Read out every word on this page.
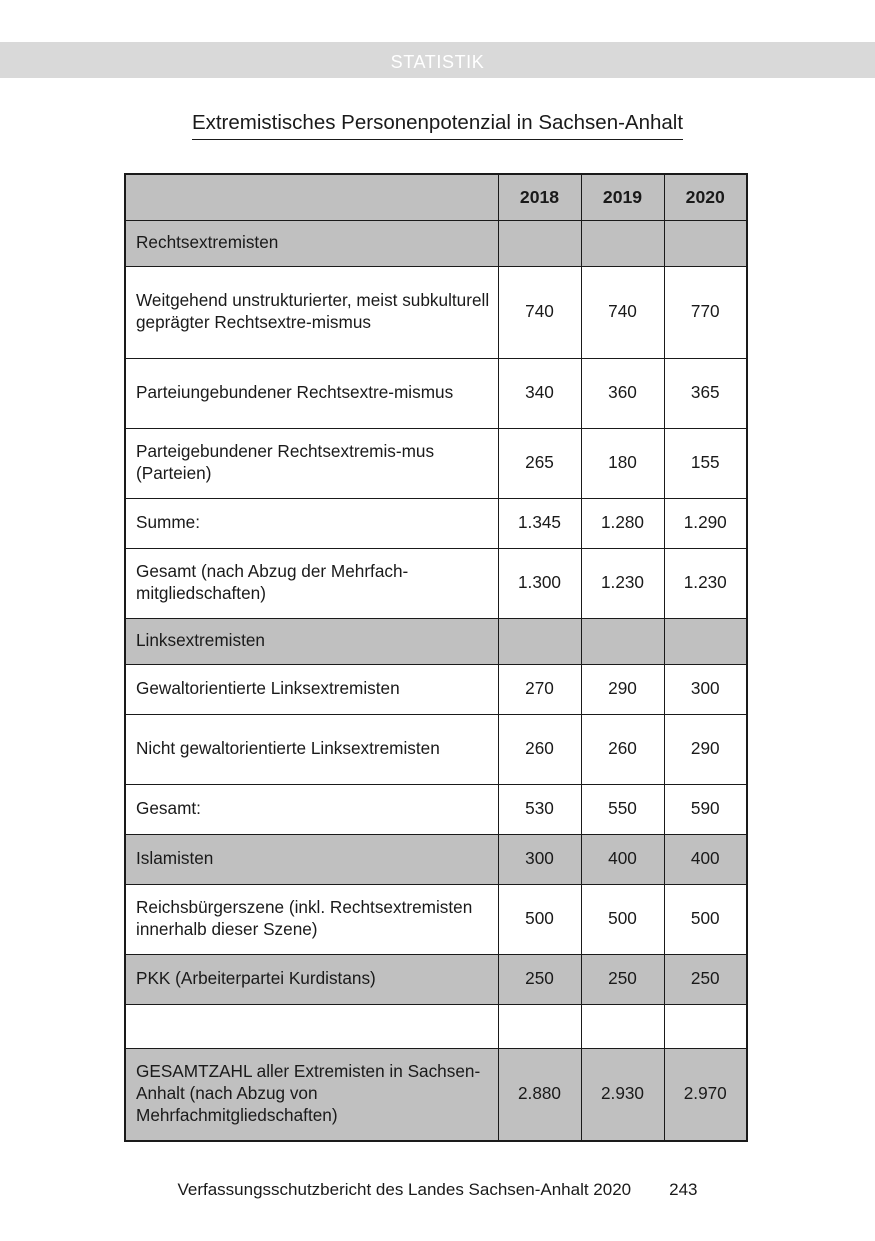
statistik
Extremistisches Personenpotenzial in Sachsen-Anhalt
	2018	2019	2020
Rechtsextremisten			
Weitgehend unstrukturierter, meist subkulturell geprägter Rechtsextre-mismus	740	740	770
Parteiungebundener Rechtsextre-mismus	340	360	365
Parteigebundener Rechtsextremis-mus (Parteien)	265	180	155
Summe:	1.345	1.280	1.290
Gesamt (nach Abzug der Mehrfach-mitgliedschaften)	1.300	1.230	1.230
Linksextremisten			
Gewaltorientierte Linksextremisten	270	290	300
Nicht gewaltorientierte Linksextremisten	260	260	290
Gesamt:	530	550	590
Islamisten	300	400	400
Reichsbürgerszene (inkl. Rechtsextremisten innerhalb dieser Szene)	500	500	500
PKK (Arbeiterpartei Kurdistans)	250	250	250

GESAMTZAHL aller Extremisten in Sachsen-Anhalt (nach Abzug von Mehrfachmitgliedschaften)	2.880	2.930	2.970
Verfassungsschutzbericht des Landes Sachsen-Anhalt 2020 243
